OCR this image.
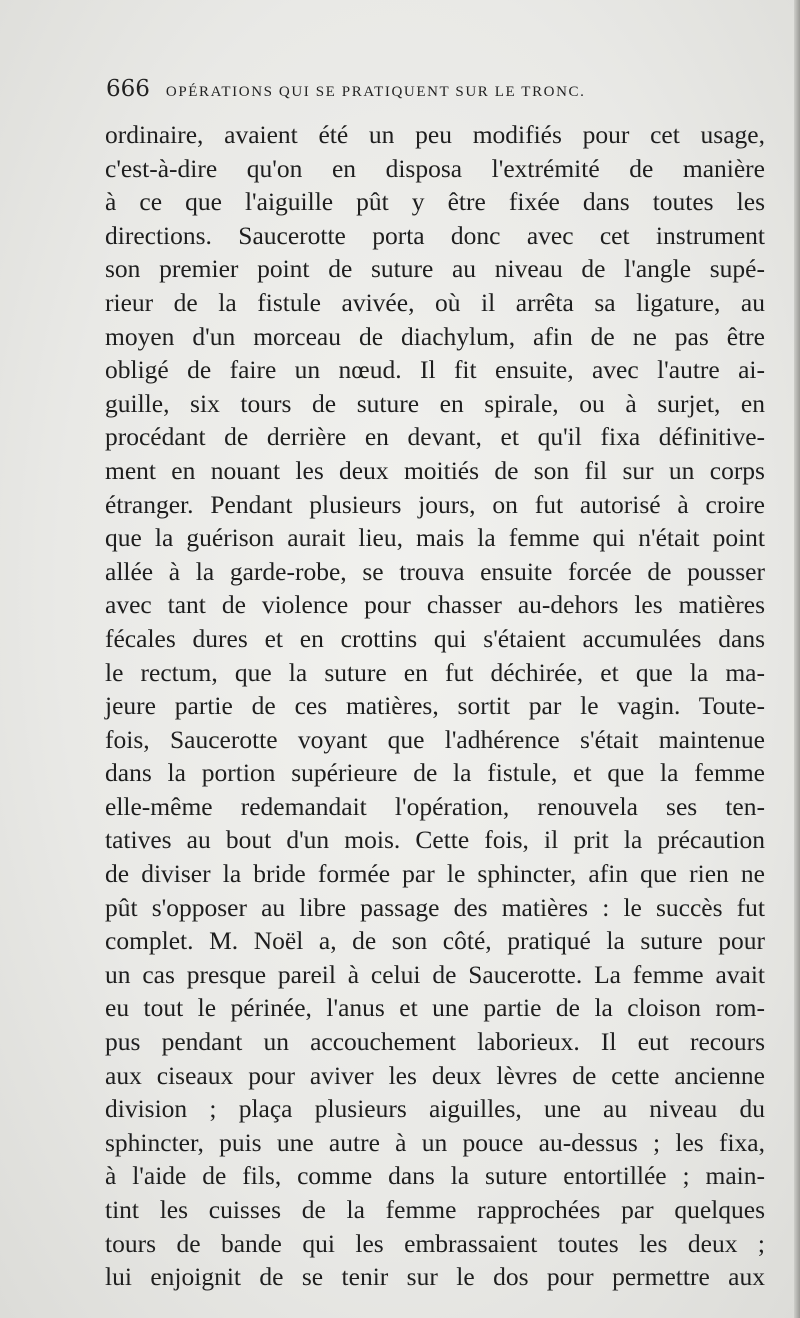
666 OPÉRATIONS QUI SE PRATIQUENT SUR LE TRONC.
ordinaire, avaient été un peu modifiés pour cet usage,
c'est-à-dire qu'on en disposa l'extrémité de manière
à ce que l'aiguille pût y être fixée dans toutes les
directions. Saucerotte porta donc avec cet instrument
son premier point de suture au niveau de l'angle supé-
rieur de la fistule avivée, où il arrêta sa ligature, au
moyen d'un morceau de diachylum, afin de ne pas être
obligé de faire un nœud. Il fit ensuite, avec l'autre ai-
guille, six tours de suture en spirale, ou à surjet, en
procédant de derrière en devant, et qu'il fixa définitive-
ment en nouant les deux moitiés de son fil sur un corps
étranger. Pendant plusieurs jours, on fut autorisé à croire
que la guérison aurait lieu, mais la femme qui n'était point
allée à la garde-robe, se trouva ensuite forcée de pousser
avec tant de violence pour chasser au-dehors les matières
fécales dures et en crottins qui s'étaient accumulées dans
le rectum, que la suture en fut déchirée, et que la ma-
jeure partie de ces matières, sortit par le vagin. Toute-
fois, Saucerotte voyant que l'adhérence s'était maintenue
dans la portion supérieure de la fistule, et que la femme
elle-même redemandait l'opération, renouvela ses ten-
tatives au bout d'un mois. Cette fois, il prit la précaution
de diviser la bride formée par le sphincter, afin que rien ne
pût s'opposer au libre passage des matières : le succès fut
complet. M. Noël a, de son côté, pratiqué la suture pour
un cas presque pareil à celui de Saucerotte. La femme avait
eu tout le périnée, l'anus et une partie de la cloison rom-
pus pendant un accouchement laborieux. Il eut recours
aux ciseaux pour aviver les deux lèvres de cette ancienne
division ; plaça plusieurs aiguilles, une au niveau du
sphincter, puis une autre à un pouce au-dessus ; les fixa,
à l'aide de fils, comme dans la suture entortillée ; main-
tint les cuisses de la femme rapprochées par quelques
tours de bande qui les embrassaient toutes les deux ;
lui enjoignit de se tenir sur le dos pour permettre aux
